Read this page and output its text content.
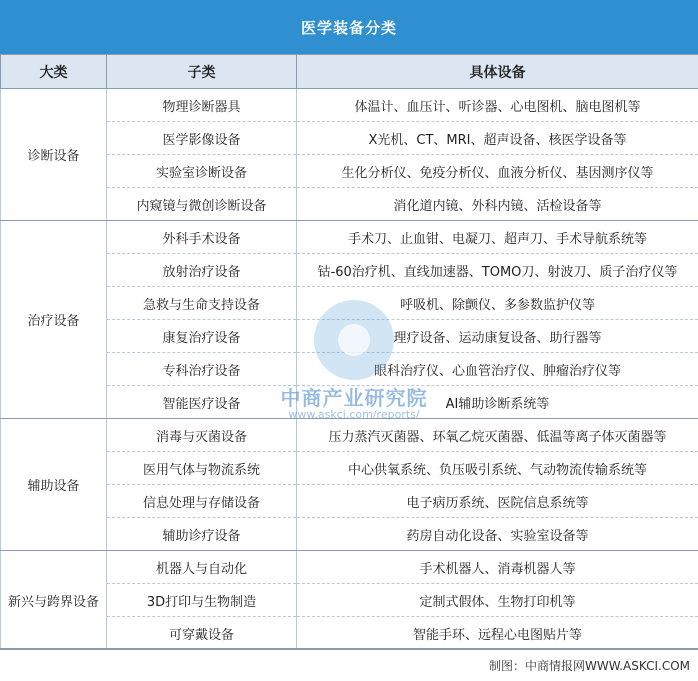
医学装备分类
大类	子类	具体设备
诊断设备	物理诊断器具	体温计、血压计、听诊器、心电图机、脑电图机等
	医学影像设备	X光机、CT、MRI、超声设备、核医学设备等
	实验室诊断设备	生化分析仪、免疫分析仪、血液分析仪、基因测序仪等
	内窥镜与微创诊断设备	消化道内镜、外科内镜、活检设备等
治疗设备	外科手术设备	手术刀、止血钳、电凝刀、超声刀、手术导航系统等
	放射治疗设备	钴-60治疗机、直线加速器、TOMO刀、射波刀、质子治疗仪等
	急救与生命支持设备	呼吸机、除颤仪、多参数监护仪等
	康复治疗设备	理疗设备、运动康复设备、助行器等
	专科治疗设备	眼科治疗仪、心血管治疗仪、肿瘤治疗仪等
	智能医疗设备	AI辅助诊断系统等
辅助设备	消毒与灭菌设备	压力蒸汽灭菌器、环氧乙烷灭菌器、低温等离子体灭菌器等
	医用气体与物流系统	中心供氧系统、负压吸引系统、气动物流传输系统等
	信息处理与存储设备	电子病历系统、医院信息系统等
	辅助诊疗设备	药房自动化设备、实验室设备等
新兴与跨界设备	机器人与自动化	手术机器人、消毒机器人等
	3D打印与生物制造	定制式假体、生物打印机等
	可穿戴设备	智能手环、远程心电图贴片等
中商产业研究院
www.askci.com/reports/
制图：中商情报网WWW.ASKCI.COM
